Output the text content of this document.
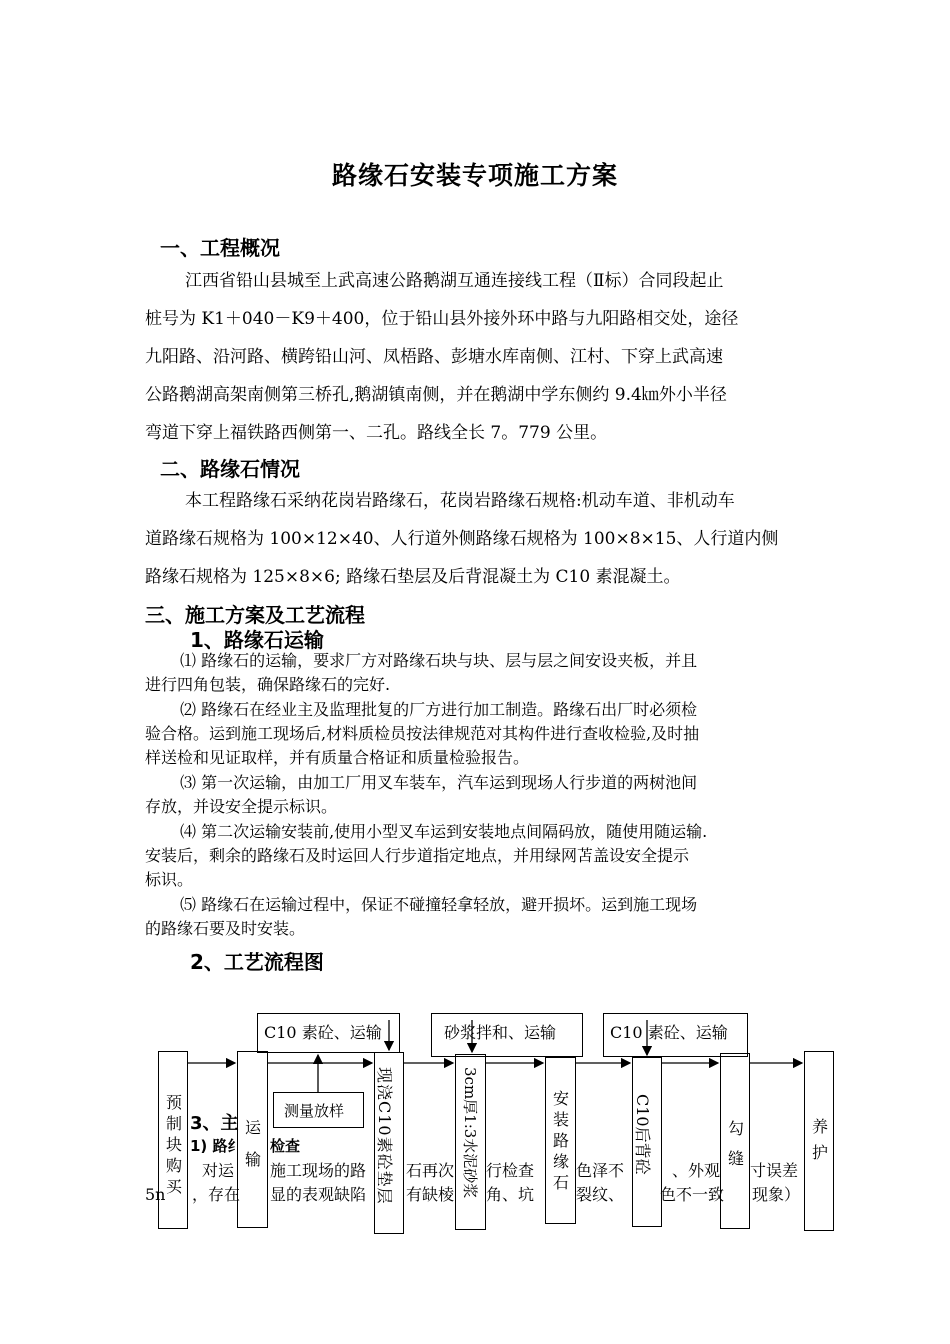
路缘石安装专项施工方案
一、工程概况
江西省铅山县城至上武高速公路鹅湖互通连接线工程（Ⅱ标）合同段起止
桩号为 K1＋040－K9＋400，位于铅山县外接外环中路与九阳路相交处，途径
九阳路、沿河路、横跨铅山河、凤梧路、彭塘水库南侧、江村、下穿上武高速
公路鹅湖高架南侧第三桥孔,鹅湖镇南侧，并在鹅湖中学东侧约 9.4㎞外小半径
弯道下穿上福铁路西侧第一、二孔。路线全长 7。779 公里。
二、路缘石情况
本工程路缘石采纳花岗岩路缘石，花岗岩路缘石规格:机动车道、非机动车
道路缘石规格为 100×12×40、人行道外侧路缘石规格为 100×8×15、人行道内侧
路缘石规格为 125×8×6; 路缘石垫层及后背混凝土为 C10 素混凝土。
三、施工方案及工艺流程
1、路缘石运输
⑴ 路缘石的运输，要求厂方对路缘石块与块、层与层之间安设夹板，并且
进行四角包装，确保路缘石的完好.
⑵ 路缘石在经业主及监理批复的厂方进行加工制造。路缘石出厂时必须检
验合格。运到施工现场后,材料质检员按法律规范对其构件进行查收检验,及时抽
样送检和见证取样，并有质量合格证和质量检验报告。
⑶ 第一次运输，由加工厂用叉车装车，汽车运到现场人行步道的两树池间
存放，并设安全提示标识。
⑷ 第二次运输安装前,使用小型叉车运到安装地点间隔码放，随使用随运输.
安装后，剩余的路缘石及时运回人行步道指定地点，并用绿网苫盖设安全提示
标识。
⑸ 路缘石在运输过程中，保证不碰撞轻拿轻放，避开损坏。运到施工现场
的路缘石要及时安装。
2、工艺流程图
3、主
1) 路纟 检查
对运 施工现场的路 石再次 行检查	色泽不	、外观 寸误差
5n ，存在 显的表观缺陷 有缺棱 角、坑	裂纹、 色不一致 现象）
C10 素砼、运输	砂浆拌和、运输	C10 素砼、运输
预制块购买
运输
测量放样 现浇C10素砼垫层	3cm厚1:3水泥砂浆	安装路缘石
C10后背砼	勾缝
养护
